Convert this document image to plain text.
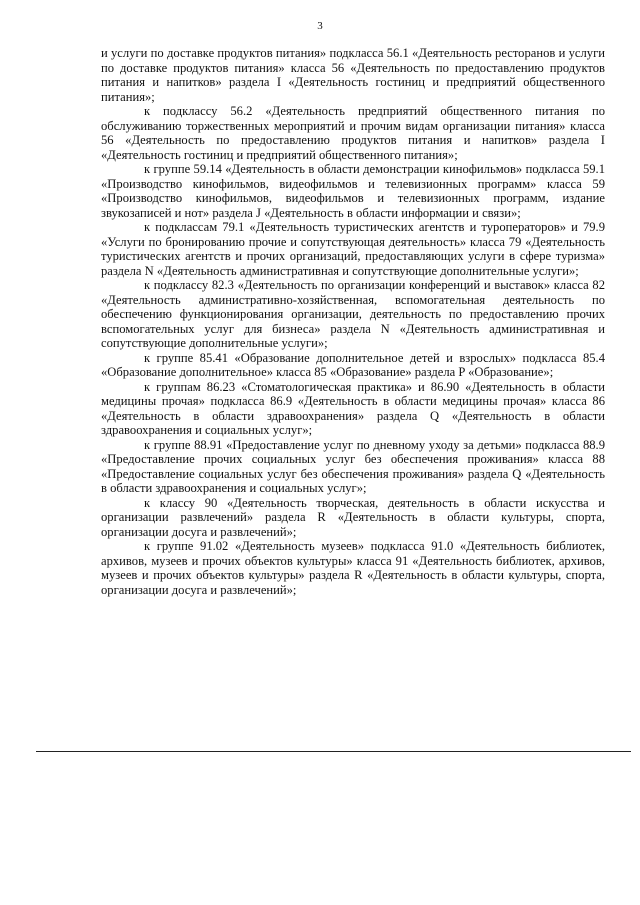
3

и услуги по доставке продуктов питания» подкласса 56.1 «Деятельность ресторанов и услуги по доставке продуктов питания» класса 56 «Деятельность по предоставлению продуктов питания и напитков» раздела I «Деятельность гостиниц и предприятий общественного питания»;

к подклассу 56.2 «Деятельность предприятий общественного питания по обслуживанию торжественных мероприятий и прочим видам организации питания» класса 56 «Деятельность по предоставлению продуктов питания и напитков» раздела I «Деятельность гостиниц и предприятий общественного питания»;

к группе 59.14 «Деятельность в области демонстрации кинофильмов» подкласса 59.1 «Производство кинофильмов, видеофильмов и телевизионных программ» класса 59 «Производство кинофильмов, видеофильмов и телевизионных программ, издание звукозаписей и нот» раздела J «Деятельность в области информации и связи»;

к подклассам 79.1 «Деятельность туристических агентств и туроператоров» и 79.9 «Услуги по бронированию прочие и сопутствующая деятельность» класса 79 «Деятельность туристических агентств и прочих организаций, предоставляющих услуги в сфере туризма» раздела N «Деятельность административная и сопутствующие дополнительные услуги»;

к подклассу 82.3 «Деятельность по организации конференций и выставок» класса 82 «Деятельность административно-хозяйственная, вспомогательная деятельность по обеспечению функционирования организации, деятельность по предоставлению прочих вспомогательных услуг для бизнеса» раздела N «Деятельность административная и сопутствующие дополнительные услуги»;

к группе 85.41 «Образование дополнительное детей и взрослых» подкласса 85.4 «Образование дополнительное» класса 85 «Образование» раздела P «Образование»;

к группам 86.23 «Стоматологическая практика» и 86.90 «Деятельность в области медицины прочая» подкласса 86.9 «Деятельность в области медицины прочая» класса 86 «Деятельность в области здравоохранения» раздела Q «Деятельность в области здравоохранения и социальных услуг»;

к группе 88.91 «Предоставление услуг по дневному уходу за детьми» подкласса 88.9 «Предоставление прочих социальных услуг без обеспечения проживания» класса 88 «Предоставление социальных услуг без обеспечения проживания» раздела Q «Деятельность в области здравоохранения и социальных услуг»;

к классу 90 «Деятельность творческая, деятельность в области искусства и организации развлечений» раздела R «Деятельность в области культуры, спорта, организации досуга и развлечений»;

к группе 91.02 «Деятельность музеев» подкласса 91.0 «Деятельность библиотек, архивов, музеев и прочих объектов культуры» класса 91 «Деятельность библиотек, архивов, музеев и прочих объектов культуры» раздела R «Деятельность в области культуры, спорта, организации досуга и развлечений»;
